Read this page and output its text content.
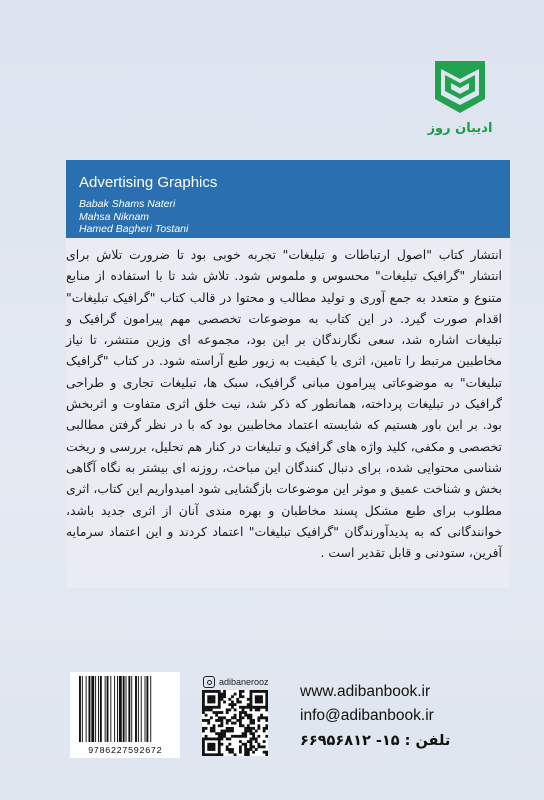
ادیبان روز
Advertising Graphics
Babak Shams Nateri
Mahsa Niknam
Hamed Bagheri Tostani
انتشار کتاب "اصول ارتباطات و تبلیغات" تجربه خوبی بود تا ضرورت تلاش برای انتشار "گرافیک تبلیغات" محسوس و ملموس شود. تلاش شد تا با استفاده از منابع متنوع و متعدد به جمع آوری و تولید مطالب و محتوا در قالب کتاب "گرافیک تبلیغات" اقدام صورت گیرد. در این کتاب به موضوعات تخصصی مهم پیرامون گرافیک و تبلیغات اشاره شد، سعی نگارندگان بر این بود، مجموعه ای وزین منتشر، تا نیاز مخاطبین مرتبط را تامین، اثری با کیفیت به زیور طبع آراسته شود. در کتاب "گرافیک تبلیغات" به موضوعاتی پیرامون مبانی گرافیک، سبک ها، تبلیغات تجاری و طراحی گرافیک در تبلیغات پرداخته، همانطور که ذکر شد، نیت خلق اثری متفاوت و اثربخش بود. بر این باور هستیم که شایسته اعتماد مخاطبین بود که با در نظر گرفتن مطالبی تخصصی و مکفی، کلید واژه های گرافیک و تبلیغات در کنار هم تحلیل، بررسی و ریخت شناسی محتوایی شده، برای دنبال کنندگان این مباحث، روزنه ای بیشتر به نگاه آگاهی بخش و شناخت عمیق و موثر این موضوعات بازگشایی شود امیدواریم این کتاب، اثری مطلوب برای طبع مشکل پسند مخاطبان و بهره مندی آنان از اثری جدید باشد، خوانندگانی که به پدیدآورندگان "گرافیک تبلیغات" اعتماد کردند و این اعتماد سرمایه آفرین، ستودنی و قابل تقدیر است .
9786227592672
adibanerooz
www.adibanbook.ir
info@adibanbook.ir
تلفن : ۱۵- ۶۶۹۵۶۸۱۲
